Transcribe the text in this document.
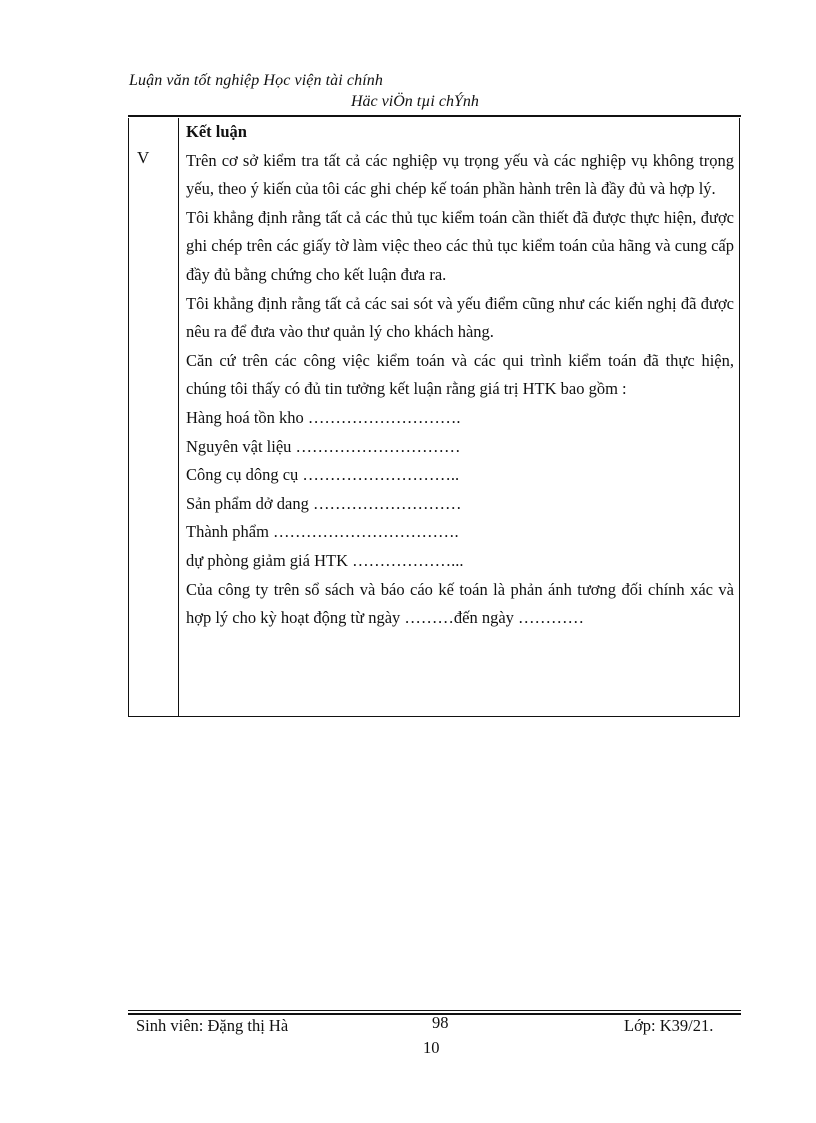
Luận văn tốt nghiệp Học viện tài chính
Häc viÖn tµi chÝnh
V

Kết luận

Trên cơ sở kiểm tra tất cả các nghiệp vụ trọng yếu và các nghiệp vụ không trọng yếu, theo ý kiến của tôi các ghi chép kế toán phần hành trên là đầy đủ và hợp lý.

Tôi khẳng định rằng tất cả các thủ tục kiểm toán cần thiết đã được thực hiện, được ghi chép trên các giấy tờ làm việc theo các thủ tục kiểm toán của hãng và cung cấp đầy đủ bằng chứng cho kết luận đưa ra.

Tôi khẳng định rằng tất cả các sai sót và yếu điểm cũng như các kiến nghị đã được nêu ra để đưa vào thư quản lý cho khách hàng.

Căn cứ trên các công việc kiểm toán và các qui trình kiểm toán đã thực hiện, chúng tôi thấy có đủ tin tưởng kết luận rằng giá trị HTK bao gồm :

Hàng hoá tồn kho ……………………….

Nguyên vật liệu …………………………

Công cụ dông cụ ………………………..

Sản phẩm dở dang ………………………

Thành phẩm …………………………….

dự phòng giảm giá HTK ………………...

Của công ty trên sổ sách và báo cáo kế toán là phản ánh tương đối chính xác và hợp lý cho kỳ hoạt động từ ngày ………đến ngày …………

Sinh viên: Đặng thị Hà	98
10
Lớp: K39/21.
